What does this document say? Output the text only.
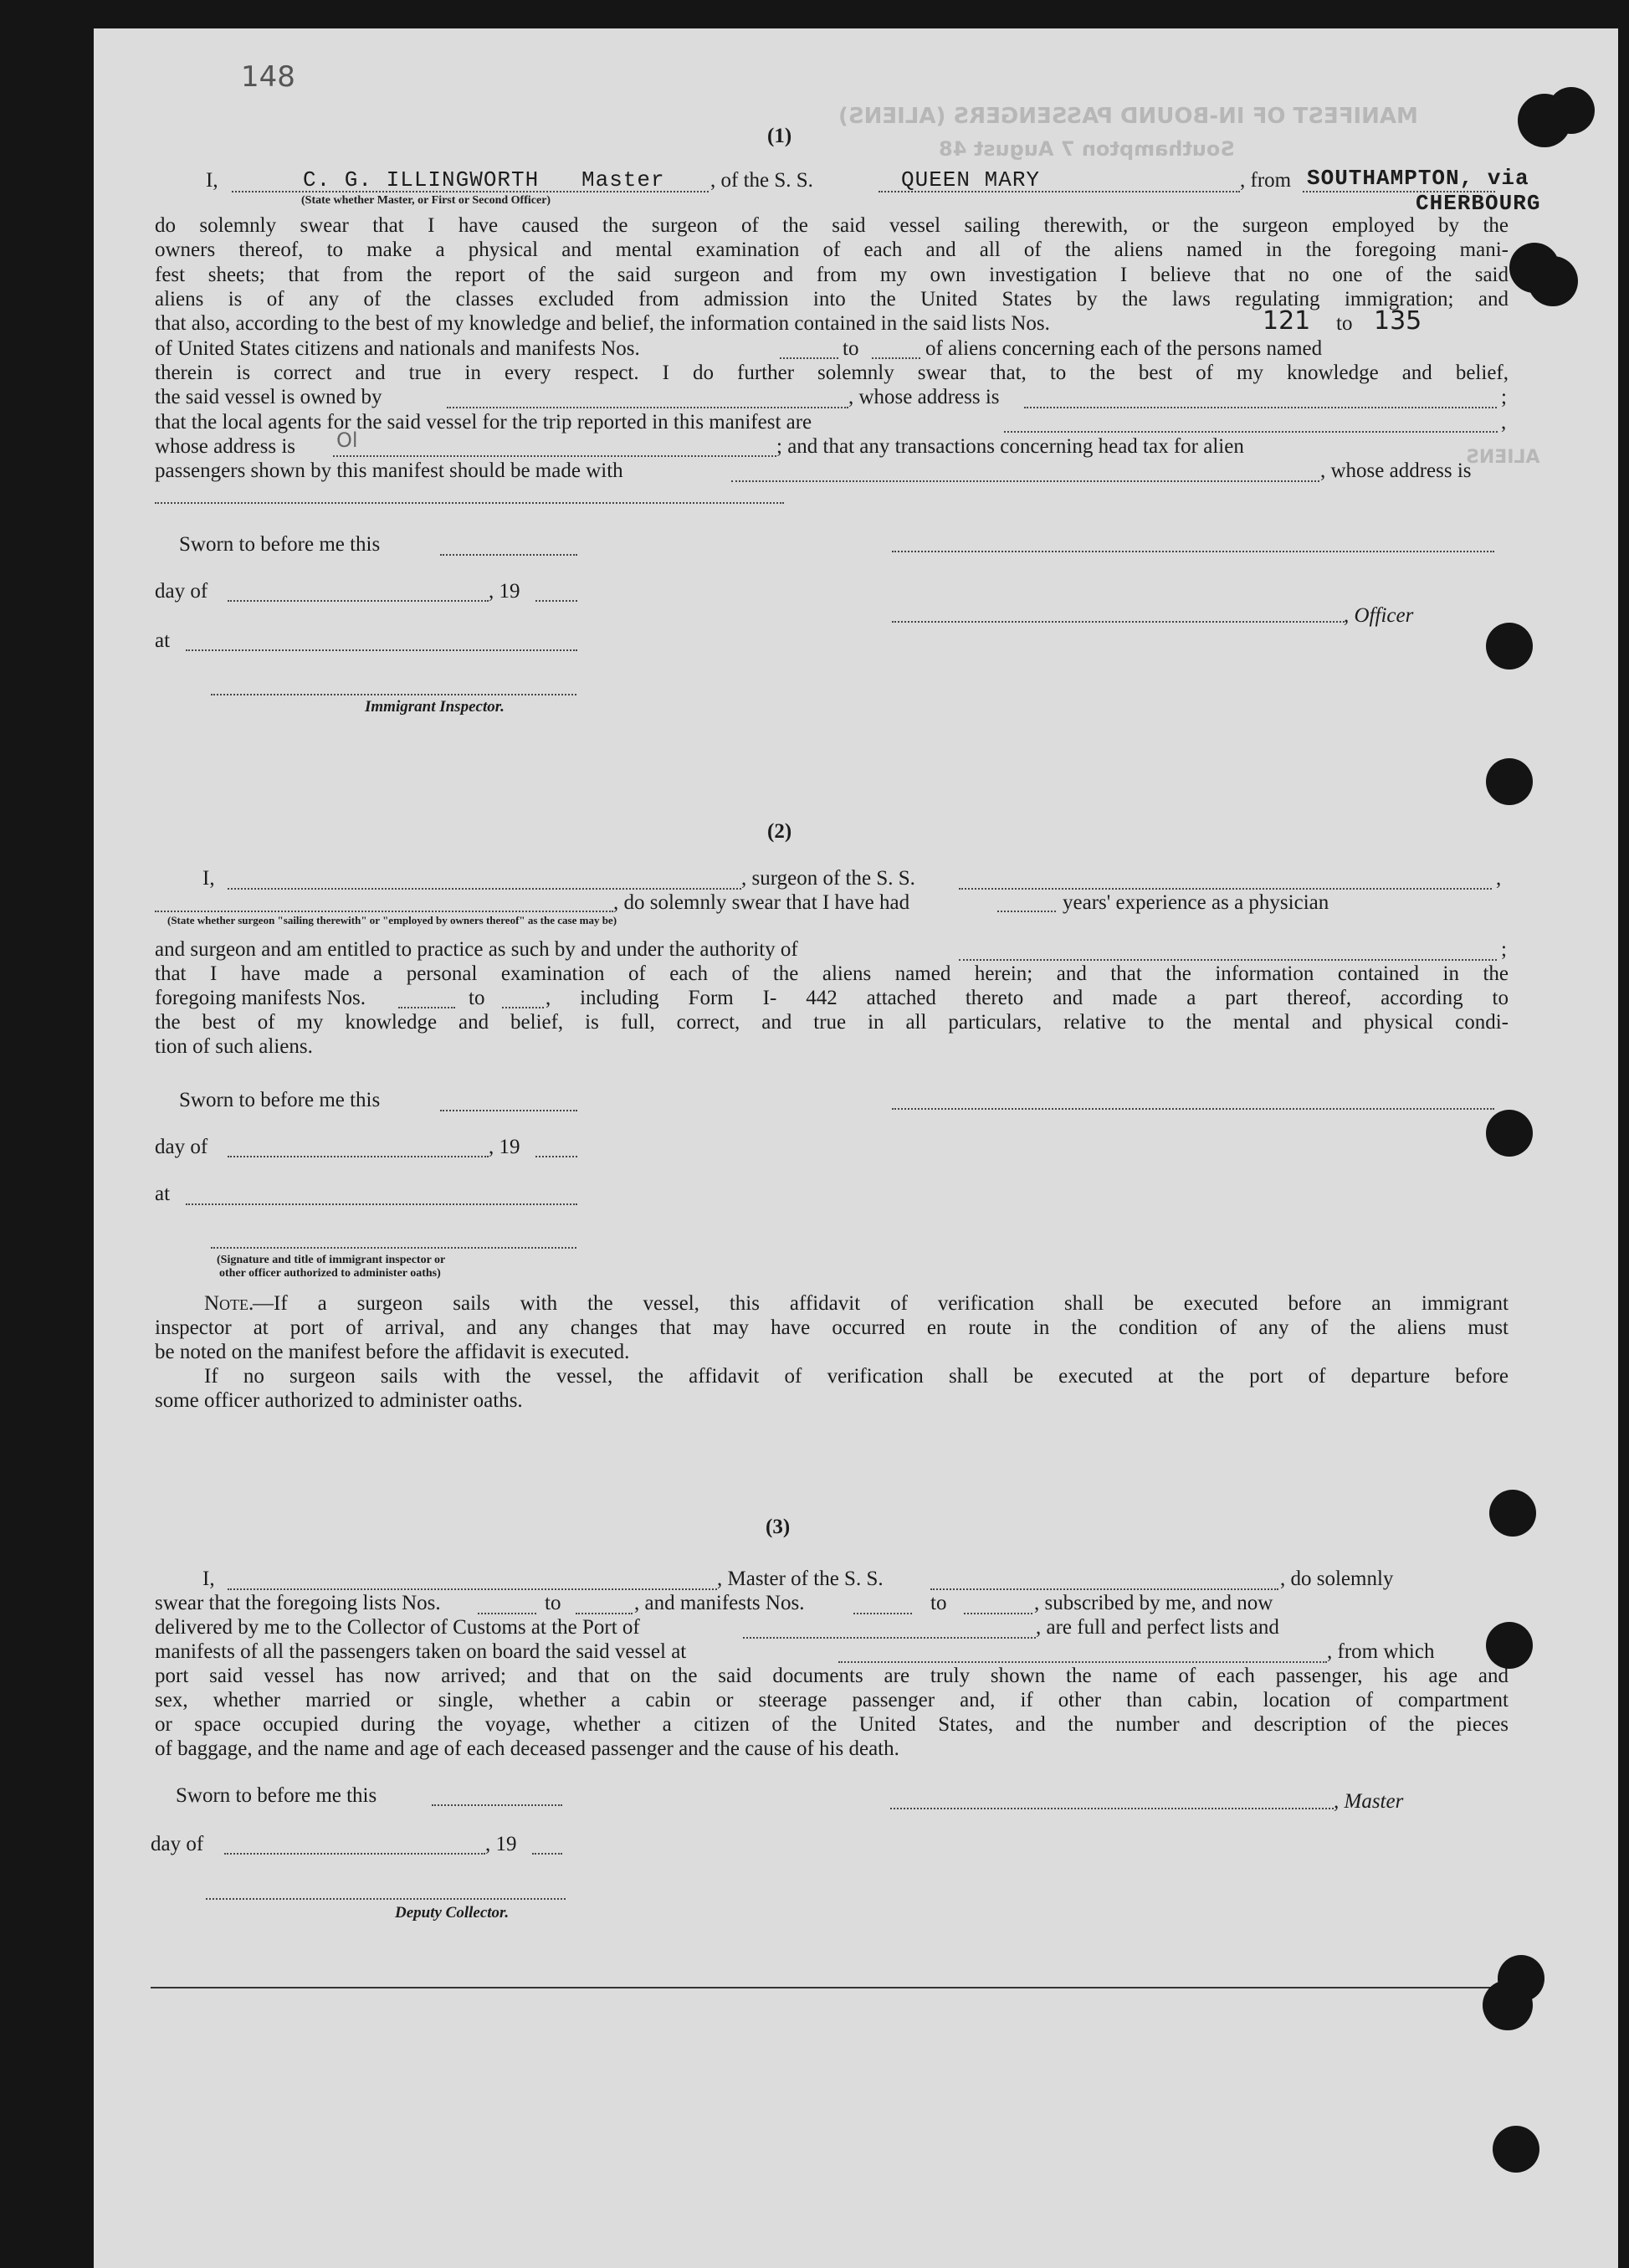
MANIFEST OF IN-BOUND PASSENGERS (ALIENS)
Southampton 7 August 48
ALIENS
148
(1)
I,	C. G. ILLINGWORTH Master , of the S. S.	QUEEN MARY	, from SOUTHAMPTON, via
CHERBOURG
(State whether Master, or First or Second Officer)
do solemnly swear that I have caused the surgeon of the said vessel sailing therewith, or the surgeon employed by the
owners thereof, to make a physical and mental examination of each and all of the aliens named in the foregoing mani-
fest sheets; that from the report of the said surgeon and from my own investigation I believe that no one of the said
aliens is of any of the classes excluded from admission into the United States by the laws regulating immigration; and
that also, according to the best of my knowledge and belief, the information contained in the said lists Nos.	121 to 135
of United States citizens and nationals and manifests Nos.	to	of aliens concerning each of the persons named
therein is correct and true in every respect. I do further solemnly swear that, to the best of my knowledge and belief,
the said vessel is owned by	, whose address is	;
that the local agents for the said vessel for the trip reported in this manifest are	,
whose address is Ol	; and that any transactions concerning head tax for alien
passengers shown by this manifest should be made with	, whose address is
Sworn to before me this
day of	, 19
at
, Officer
Immigrant Inspector.
(2)
I,	, surgeon of the S. S.	,
, do solemnly swear that I have had	years' experience as a physician
(State whether surgeon "sailing therewith" or "employed by owners thereof" as the case may be)
and surgeon and am entitled to practice as such by and under the authority of	;
that I have made a personal examination of each of the aliens named herein; and that the information contained in the
foregoing manifests Nos.	to	, including Form I- 442 attached thereto and made a part thereof, according to
the best of my knowledge and belief, is full, correct, and true in all particulars, relative to the mental and physical condi-
tion of such aliens.
Sworn to before me this
day of	, 19
at
(Signature and title of immigrant inspector or
other officer authorized to administer oaths)
Note.
—If a surgeon sails with the vessel, this affidavit of verification shall be executed before an immigrant
inspector at port of arrival, and any changes that may have occurred en route in the condition of any of the aliens must
be noted on the manifest before the affidavit is executed.
If no surgeon sails with the vessel, the affidavit of verification shall be executed at the port of departure before
some officer authorized to administer oaths.
(3)
I,	, Master of the S. S.	, do solemnly
swear that the foregoing lists Nos.	to	, and manifests Nos.	to	, subscribed by me, and now
delivered by me to the Collector of Customs at the Port of	, are full and perfect lists and
manifests of all the passengers taken on board the said vessel at	, from which
port said vessel has now arrived; and that on the said documents are truly shown the name of each passenger, his age and
sex, whether married or single, whether a cabin or steerage passenger and, if other than cabin, location of compartment
or space occupied during the voyage, whether a citizen of the United States, and the number and description of the pieces
of baggage, and the name and age of each deceased passenger and the cause of his death.
Sworn to before me this	, Master
day of	, 19
Deputy Collector.
